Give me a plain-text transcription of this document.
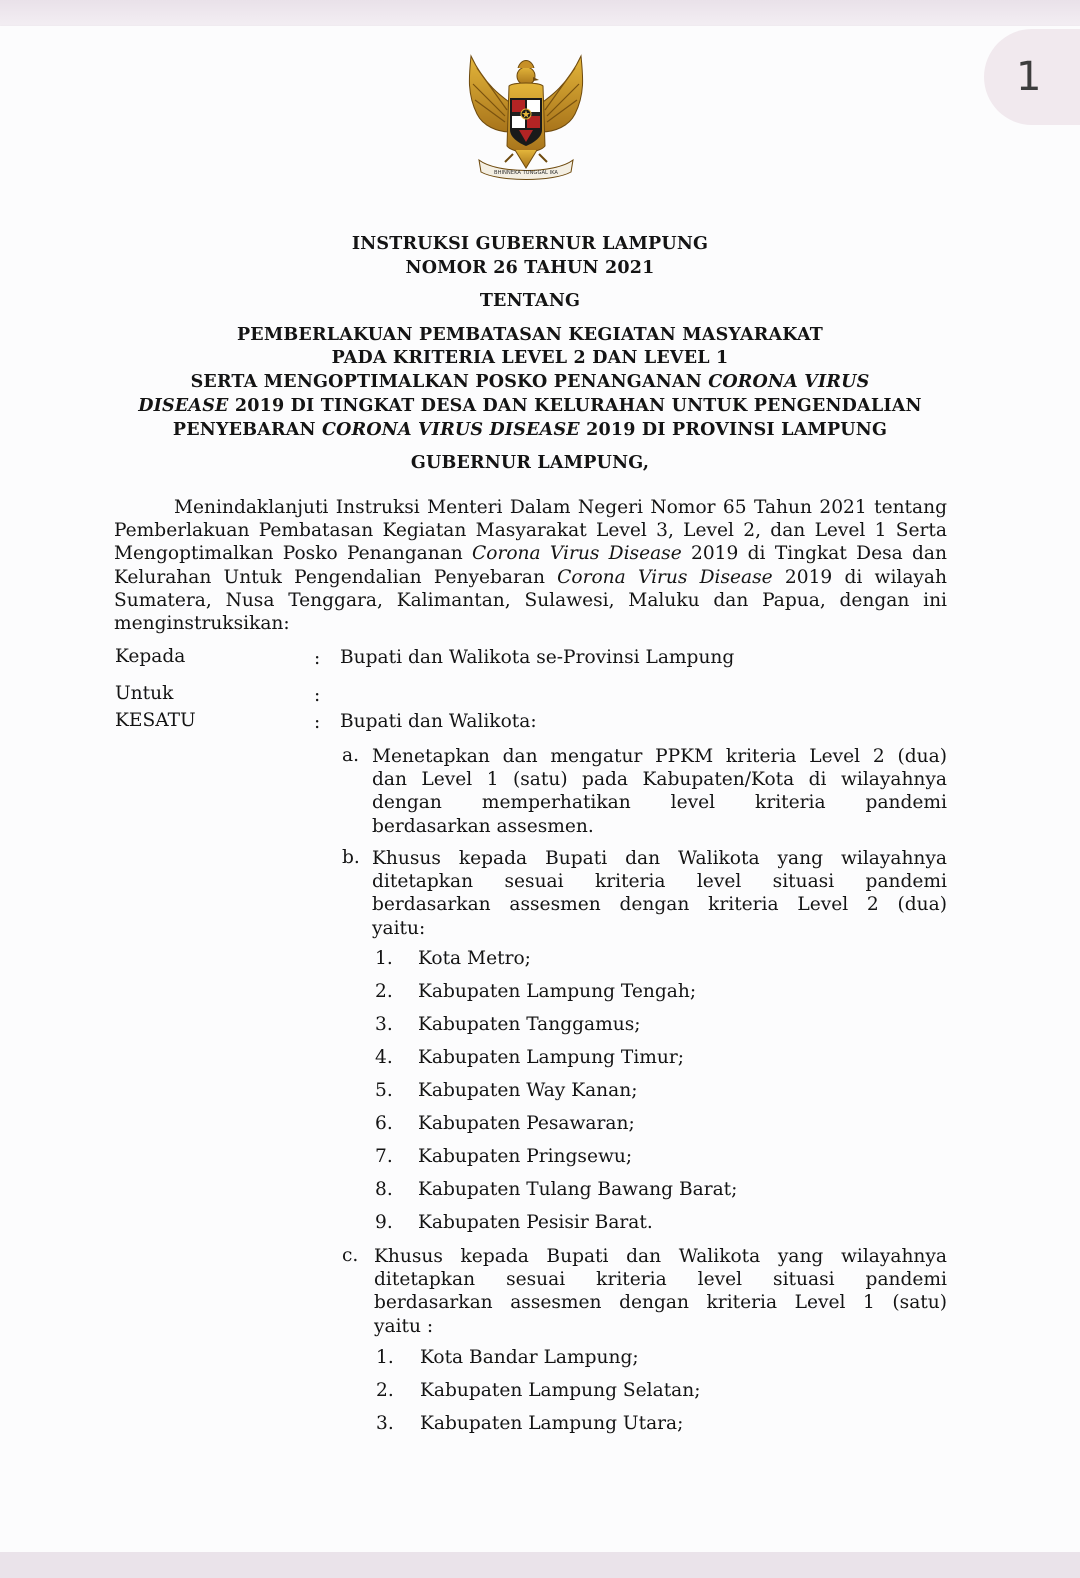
1
BHINNEKA TUNGGAL IKA
INSTRUKSI GUBERNUR LAMPUNG
NOMOR 26 TAHUN 2021
TENTANG
PEMBERLAKUAN PEMBATASAN KEGIATAN MASYARAKAT
PADA KRITERIA LEVEL 2 DAN LEVEL 1
SERTA MENGOPTIMALKAN POSKO PENANGANAN CORONA VIRUS
DISEASE 2019 DI TINGKAT DESA DAN KELURAHAN UNTUK PENGENDALIAN
PENYEBARAN CORONA VIRUS DISEASE 2019 DI PROVINSI LAMPUNG
GUBERNUR LAMPUNG,
Menindaklanjuti Instruksi Menteri Dalam Negeri Nomor 65 Tahun 2021 tentang Pemberlakuan Pembatasan Kegiatan Masyarakat Level 3, Level 2, dan Level 1 Serta Mengoptimalkan Posko Penanganan Corona Virus Disease 2019 di Tingkat Desa dan Kelurahan Untuk Pengendalian Penyebaran Corona Virus Disease 2019 di wilayah Sumatera, Nusa Tenggara, Kalimantan, Sulawesi, Maluku dan Papua, dengan ini menginstruksikan:
Kepada	: Bupati dan Walikota se-Provinsi Lampung
Untuk	:
KESATU	: Bupati dan Walikota:
a. Menetapkan dan mengatur PPKM kriteria Level 2 (dua)
dan Level 1 (satu) pada Kabupaten/Kota di wilayahnya
dengan memperhatikan level kriteria pandemi
berdasarkan assesmen.
b. Khusus kepada Bupati dan Walikota yang wilayahnya
ditetapkan sesuai kriteria level situasi pandemi
berdasarkan assesmen dengan kriteria Level 2 (dua)
yaitu:
1. Kota Metro;
2. Kabupaten Lampung Tengah;
3. Kabupaten Tanggamus;
4. Kabupaten Lampung Timur;
5. Kabupaten Way Kanan;
6. Kabupaten Pesawaran;
7. Kabupaten Pringsewu;
8. Kabupaten Tulang Bawang Barat;
9. Kabupaten Pesisir Barat.
c. Khusus kepada Bupati dan Walikota yang wilayahnya
ditetapkan sesuai kriteria level situasi pandemi
berdasarkan assesmen dengan kriteria Level 1 (satu)
yaitu :
1. Kota Bandar Lampung;
2. Kabupaten Lampung Selatan;
3. Kabupaten Lampung Utara;
